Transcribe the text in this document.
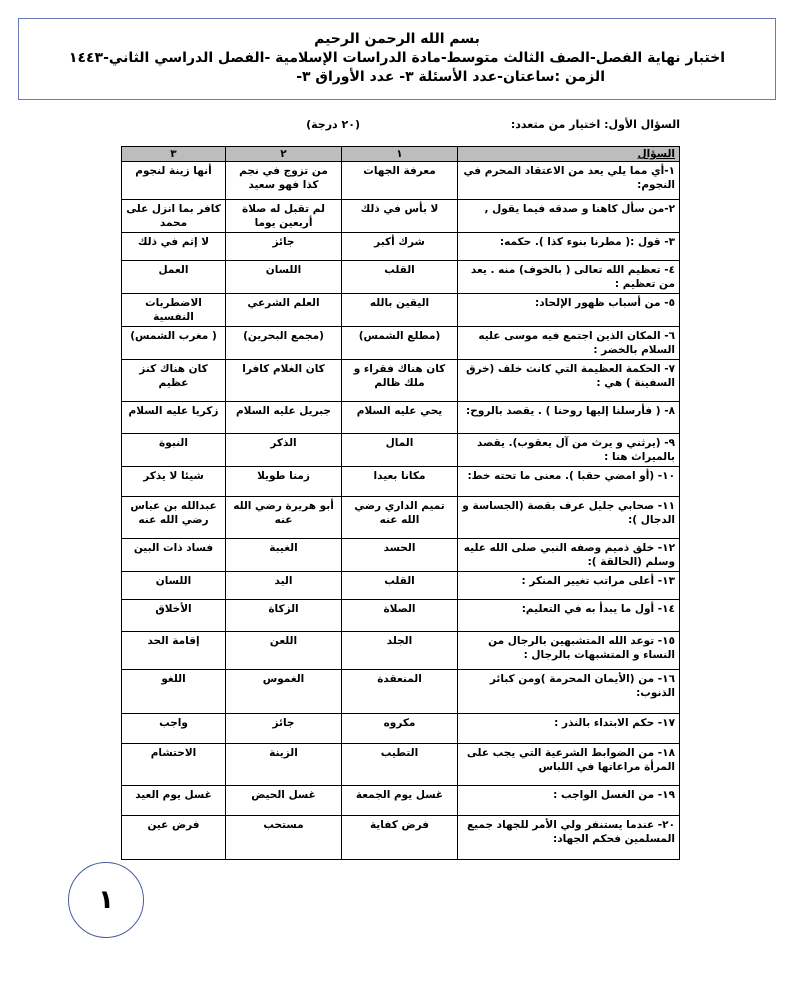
بسم الله الرحمن الرحيم
اختبار نهاية الفصل-الصف الثالث متوسط-مادة الدراسات الإسلامية -الفصل الدراسي الثاني-١٤٤٣
الزمن :ساعتان-عدد الأسئلة ٣- عدد الأوراق ٣-
السؤال الأول: اختيار من متعدد:
(٢٠ درجة)
السؤال	١	٢	٣
١-أي مما يلي يعد من الاعتقاد المحرم في النجوم:	معرفة الجهات	من تزوج في نجم كذا فهو سعيد	أنها زينة لنجوم
٢-من سأل كاهنا و صدقه فيما يقول ,	لا بأس في ذلك	لم تقبل له صلاة أربعين يوما	كافر بما انزل على محمد
٣- قول :( مطرنا بنوء كذا ). حكمه:	شرك أكبر	جائز	لا إثم في ذلك
٤- تعظيم الله تعالى ( بالخوف) منه . يعد من تعظيم :	القلب	اللسان	العمل
٥- من أسباب ظهور الإلحاد:	اليقين بالله	العلم الشرعي	الاضطربات النفسية
٦- المكان الذين اجتمع فيه موسى عليه السلام بالخضر :	(مطلع الشمس)	(مجمع البحرين)	( مغرب الشمس)
٧- الحكمة العظيمة التي كانت خلف (خرق السفينة ) هي :	كان هناك فقراء و ملك ظالم	كان الغلام كافرا	كان هناك كنز عظيم
٨- ( فأرسلنا إليها روحنا ) . يقصد بالروح:	يحي عليه السلام	جبريل عليه السلام	زكريا عليه السلام
٩- (يرثني و يرث من آل يعقوب). يقصد بالميراث هنا :	المال	الذكر	النبوة
١٠- (أو امضي حقبا ). معنى ما تحته خط:	مكانا بعيدا	زمنا طويلا	شيئا لا يذكر
١١- صحابي جليل عرف بقصة (الجساسة و الدجال ):	تميم الداري رضي الله عنه	أبو هريرة رضي الله عنه	عبدالله بن عباس رضي الله عنه
١٢- خلق ذميم وصفه النبي صلى الله عليه وسلم (الحالقة ):	الحسد	الغيبة	فساد ذات البين
١٣- أعلى مراتب تغيير المنكر :	القلب	اليد	اللسان
١٤- أول ما يبدأ به في التعليم:	الصلاة	الزكاة	الأخلاق
١٥- توعد الله المتشبهين بالرجال من النساء و المتشبهات بالرجال :	الجلد	اللعن	إقامة الحد
١٦- من (الأيمان المحرمة )ومن كبائر الذنوب:	المنعقدة	الغموس	اللغو
١٧- حكم الابتداء بالنذر :	مكروه	جائز	واجب
١٨- من الضوابط الشرعية التي يجب على المرأة مراعاتها في اللباس	التطيب	الزينة	الاحتشام
١٩- من الغسل الواجب :	غسل يوم الجمعة	غسل الحيض	غسل يوم العيد
٢٠- عندما يستنفر ولي الأمر للجهاد جميع المسلمين فحكم الجهاد:	فرض كفاية	مستحب	فرض عين
١
